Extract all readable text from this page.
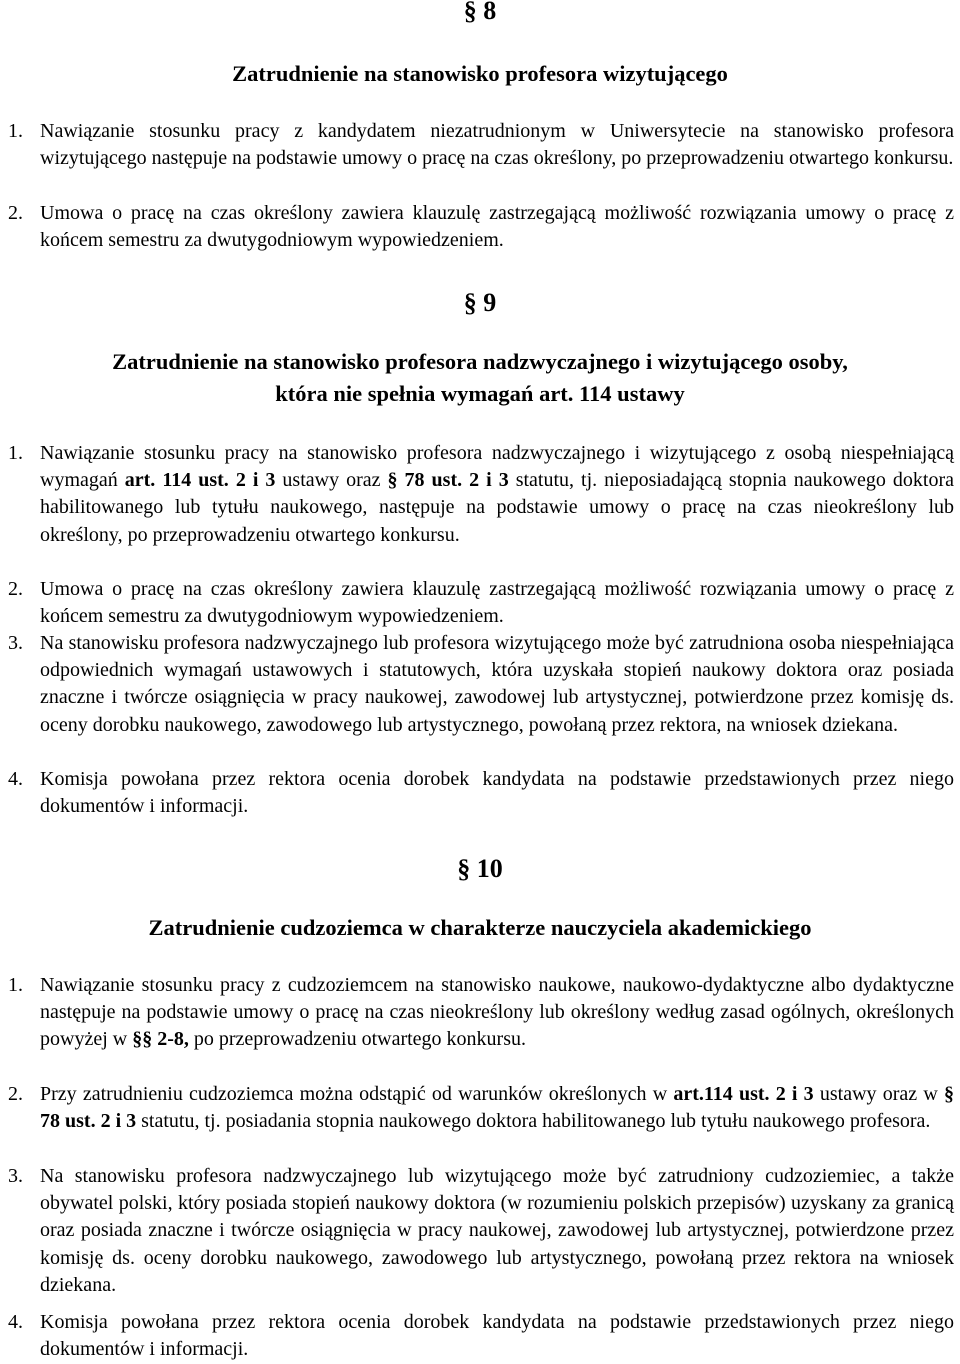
§ 8
Zatrudnienie na stanowisko profesora wizytującego
1. Nawiązanie stosunku pracy z kandydatem niezatrudnionym w Uniwersytecie na stanowisko profesora wizytującego następuje na podstawie umowy o pracę na czas określony, po przeprowadzeniu otwartego konkursu.
2. Umowa o pracę na czas określony zawiera klauzulę zastrzegającą możliwość rozwiązania umowy o pracę z końcem semestru za dwutygodniowym wypowiedzeniem.
§ 9
Zatrudnienie na stanowisko profesora nadzwyczajnego i wizytującego osoby,
która nie spełnia wymagań art. 114 ustawy
1. Nawiązanie stosunku pracy na stanowisko profesora nadzwyczajnego i wizytującego z osobą niespełniającą wymagań art. 114 ust. 2 i 3 ustawy oraz § 78 ust. 2 i 3 statutu, tj. nieposiadającą stopnia naukowego doktora habilitowanego lub tytułu naukowego, następuje na podstawie umowy o pracę na czas nieokreślony lub określony, po przeprowadzeniu otwartego konkursu.
2. Umowa o pracę na czas określony zawiera klauzulę zastrzegającą możliwość rozwiązania umowy o pracę z końcem semestru za dwutygodniowym wypowiedzeniem.
3. Na stanowisku profesora nadzwyczajnego lub profesora wizytującego może być zatrudniona osoba niespełniająca odpowiednich wymagań ustawowych i statutowych, która uzyskała stopień naukowy doktora oraz posiada znaczne i twórcze osiągnięcia w pracy naukowej, zawodowej lub artystycznej, potwierdzone przez komisję ds. oceny dorobku naukowego, zawodowego lub artystycznego, powołaną przez rektora, na wniosek dziekana.
4. Komisja powołana przez rektora ocenia dorobek kandydata na podstawie przedstawionych przez niego dokumentów i informacji.
§ 10
Zatrudnienie cudzoziemca w charakterze nauczyciela akademickiego
1. Nawiązanie stosunku pracy z cudzoziemcem na stanowisko naukowe, naukowo-dydaktyczne albo dydaktyczne następuje na podstawie umowy o pracę na czas nieokreślony lub określony według zasad ogólnych, określonych powyżej w §§ 2-8, po przeprowadzeniu otwartego konkursu.
2. Przy zatrudnieniu cudzoziemca można odstąpić od warunków określonych w art.114 ust. 2 i 3 ustawy oraz w § 78 ust. 2 i 3 statutu, tj. posiadania stopnia naukowego doktora habilitowanego lub tytułu naukowego profesora.
3. Na stanowisku profesora nadzwyczajnego lub wizytującego może być zatrudniony cudzoziemiec, a także obywatel polski, który posiada stopień naukowy doktora (w rozumieniu polskich przepisów) uzyskany za granicą oraz posiada znaczne i twórcze osiągnięcia w pracy naukowej, zawodowej lub artystycznej, potwierdzone przez komisję ds. oceny dorobku naukowego, zawodowego lub artystycznego, powołaną przez rektora na wniosek dziekana.
4. Komisja powołana przez rektora ocenia dorobek kandydata na podstawie przedstawionych przez niego dokumentów i informacji.
